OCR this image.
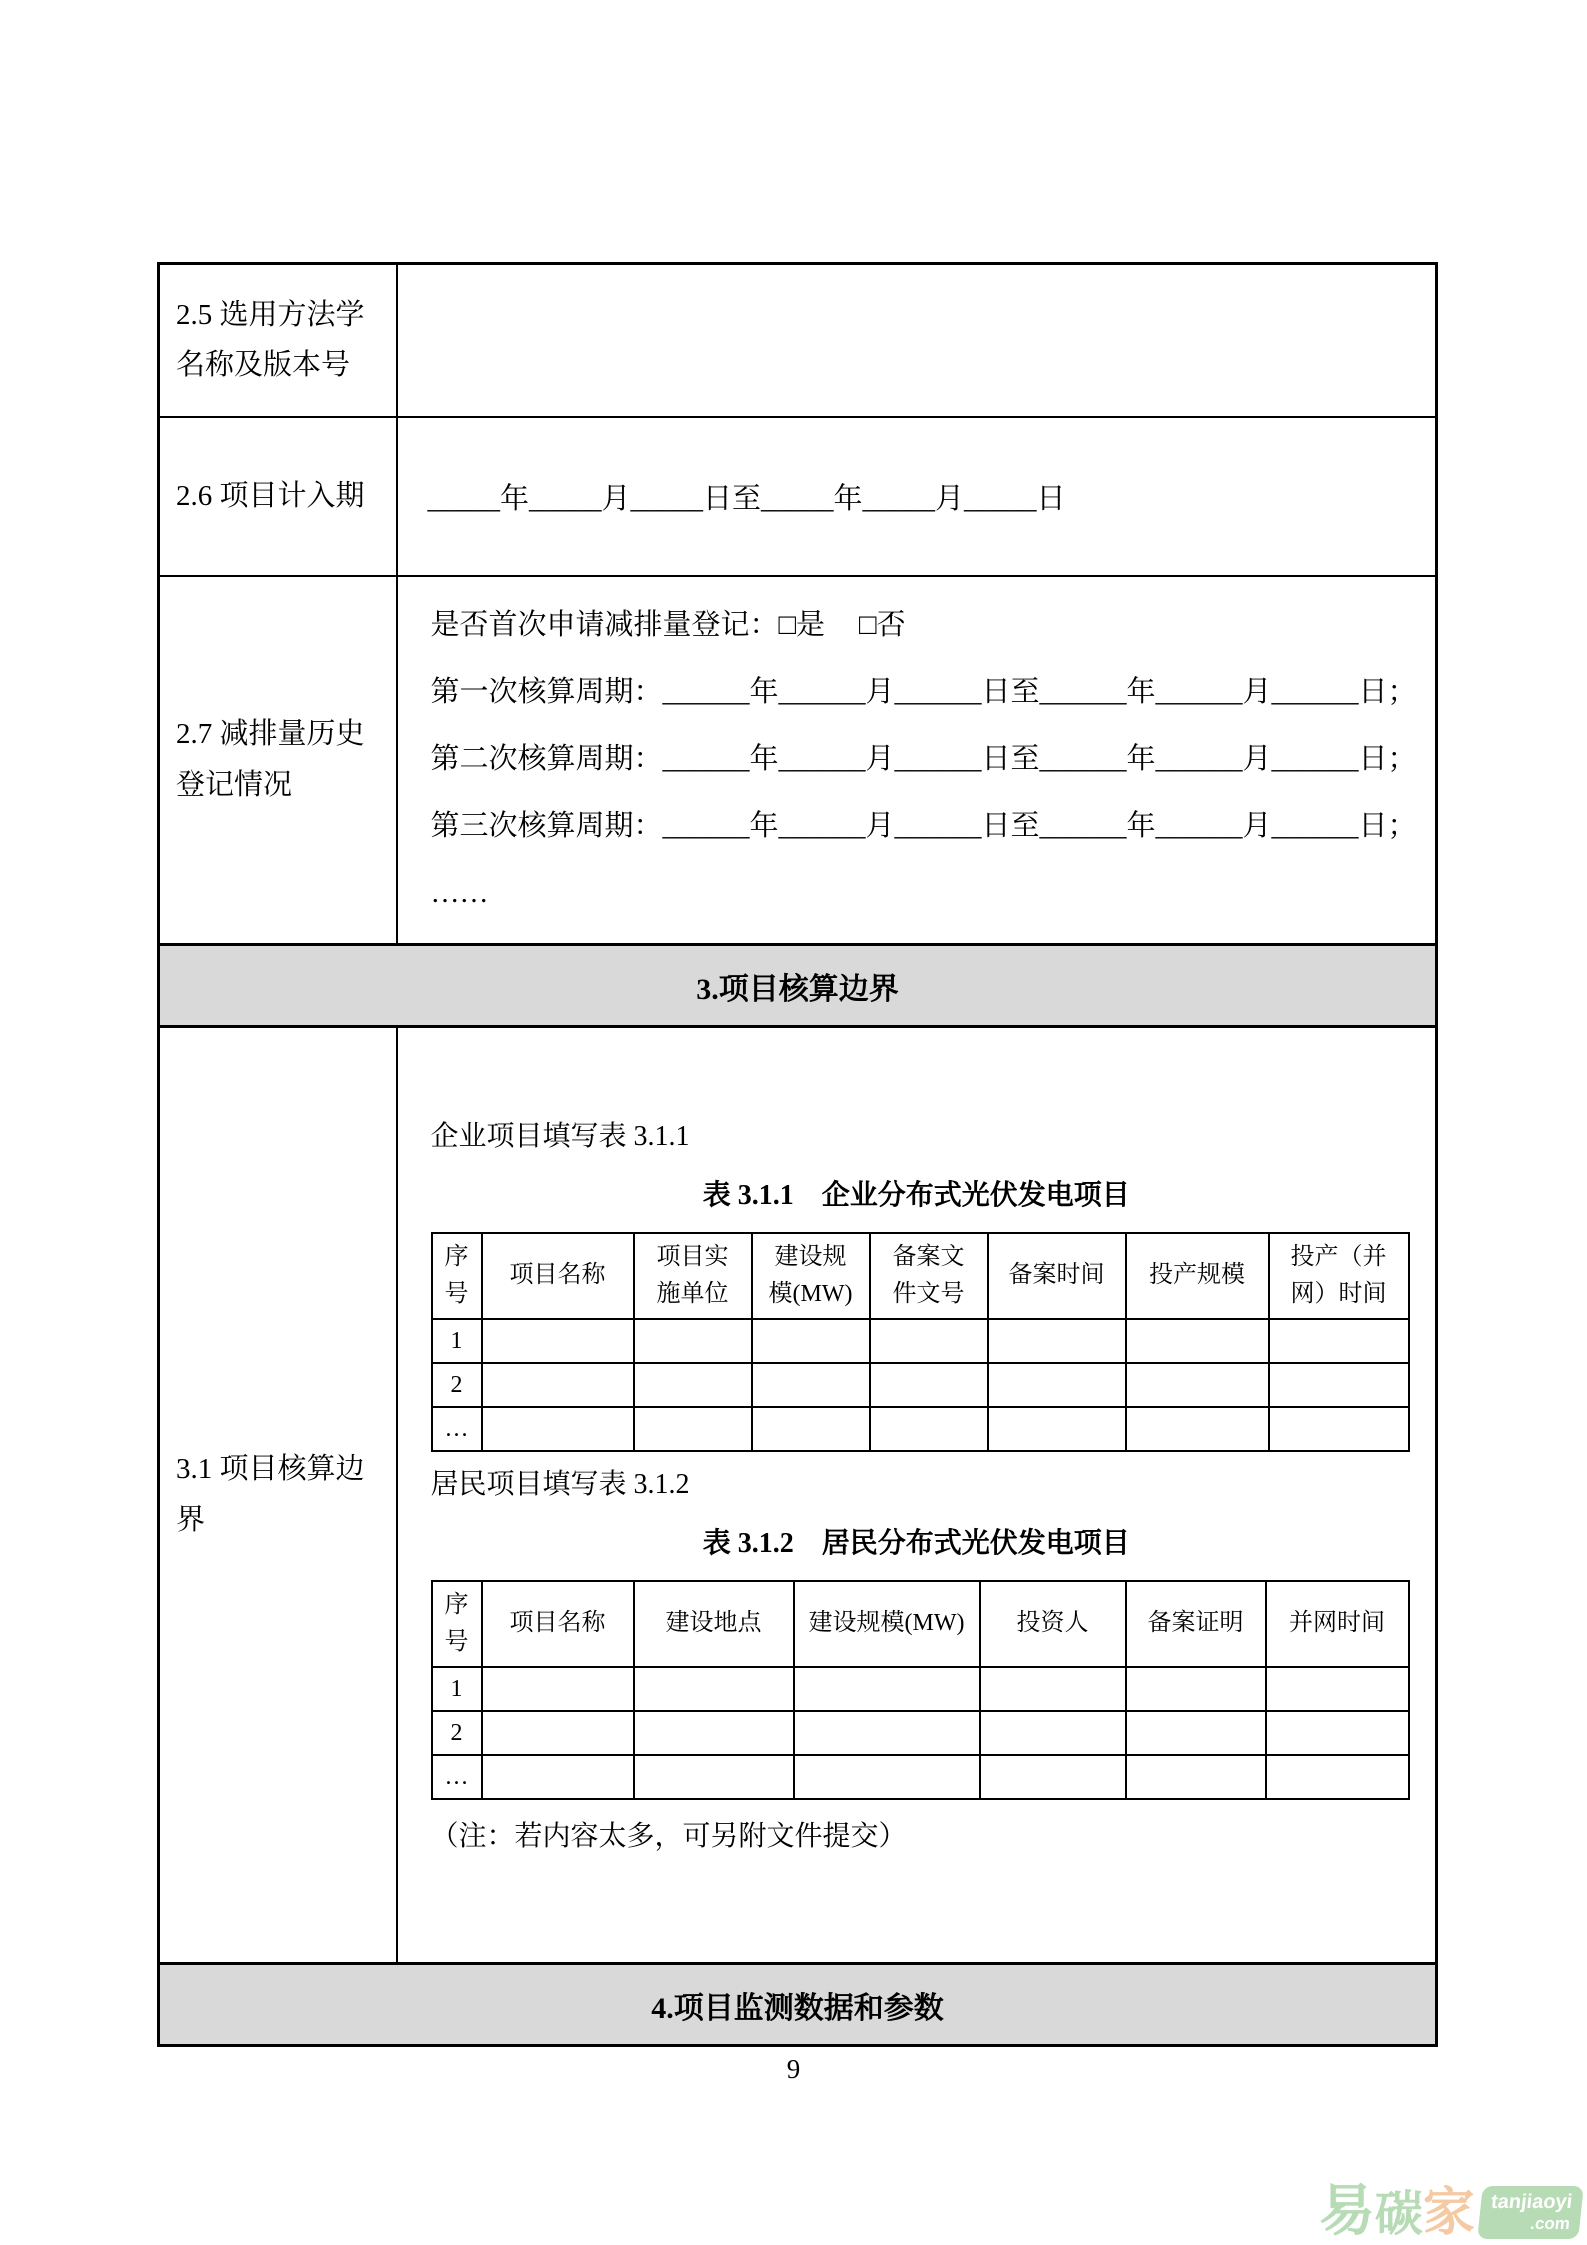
2.5 选用方法学名称及版本号	
2.6 项目计入期	_____年_____月_____日至_____年_____月_____日
2.7 减排量历史登记情况	
是否首次申请减排量登记：□是 □否
第一次核算周期：______年______月______日至______年______月______日；
第二次核算周期：______年______月______日至______年______月______日；
第三次核算周期：______年______月______日至______年______月______日；
……

3.项目核算边界
3.1 项目核算边界	

企业项目填写表 3.1.1

表 3.1.1　企业分布式光伏发电项目

序号	项目名称	项目实施单位	建设规模(MW)	备案文件文号	备案时间	投产规模	投产（并网）时间
1							
2							
…							

居民项目填写表 3.1.2

表 3.1.2　居民分布式光伏发电项目

序号	项目名称	建设地点	建设规模(MW)	投资人	备案证明	并网时间
1						
2						
…						

（注：若内容太多，可另附文件提交）

4.项目监测数据和参数
9
易 碳 家 tanjiaoyi
.com
